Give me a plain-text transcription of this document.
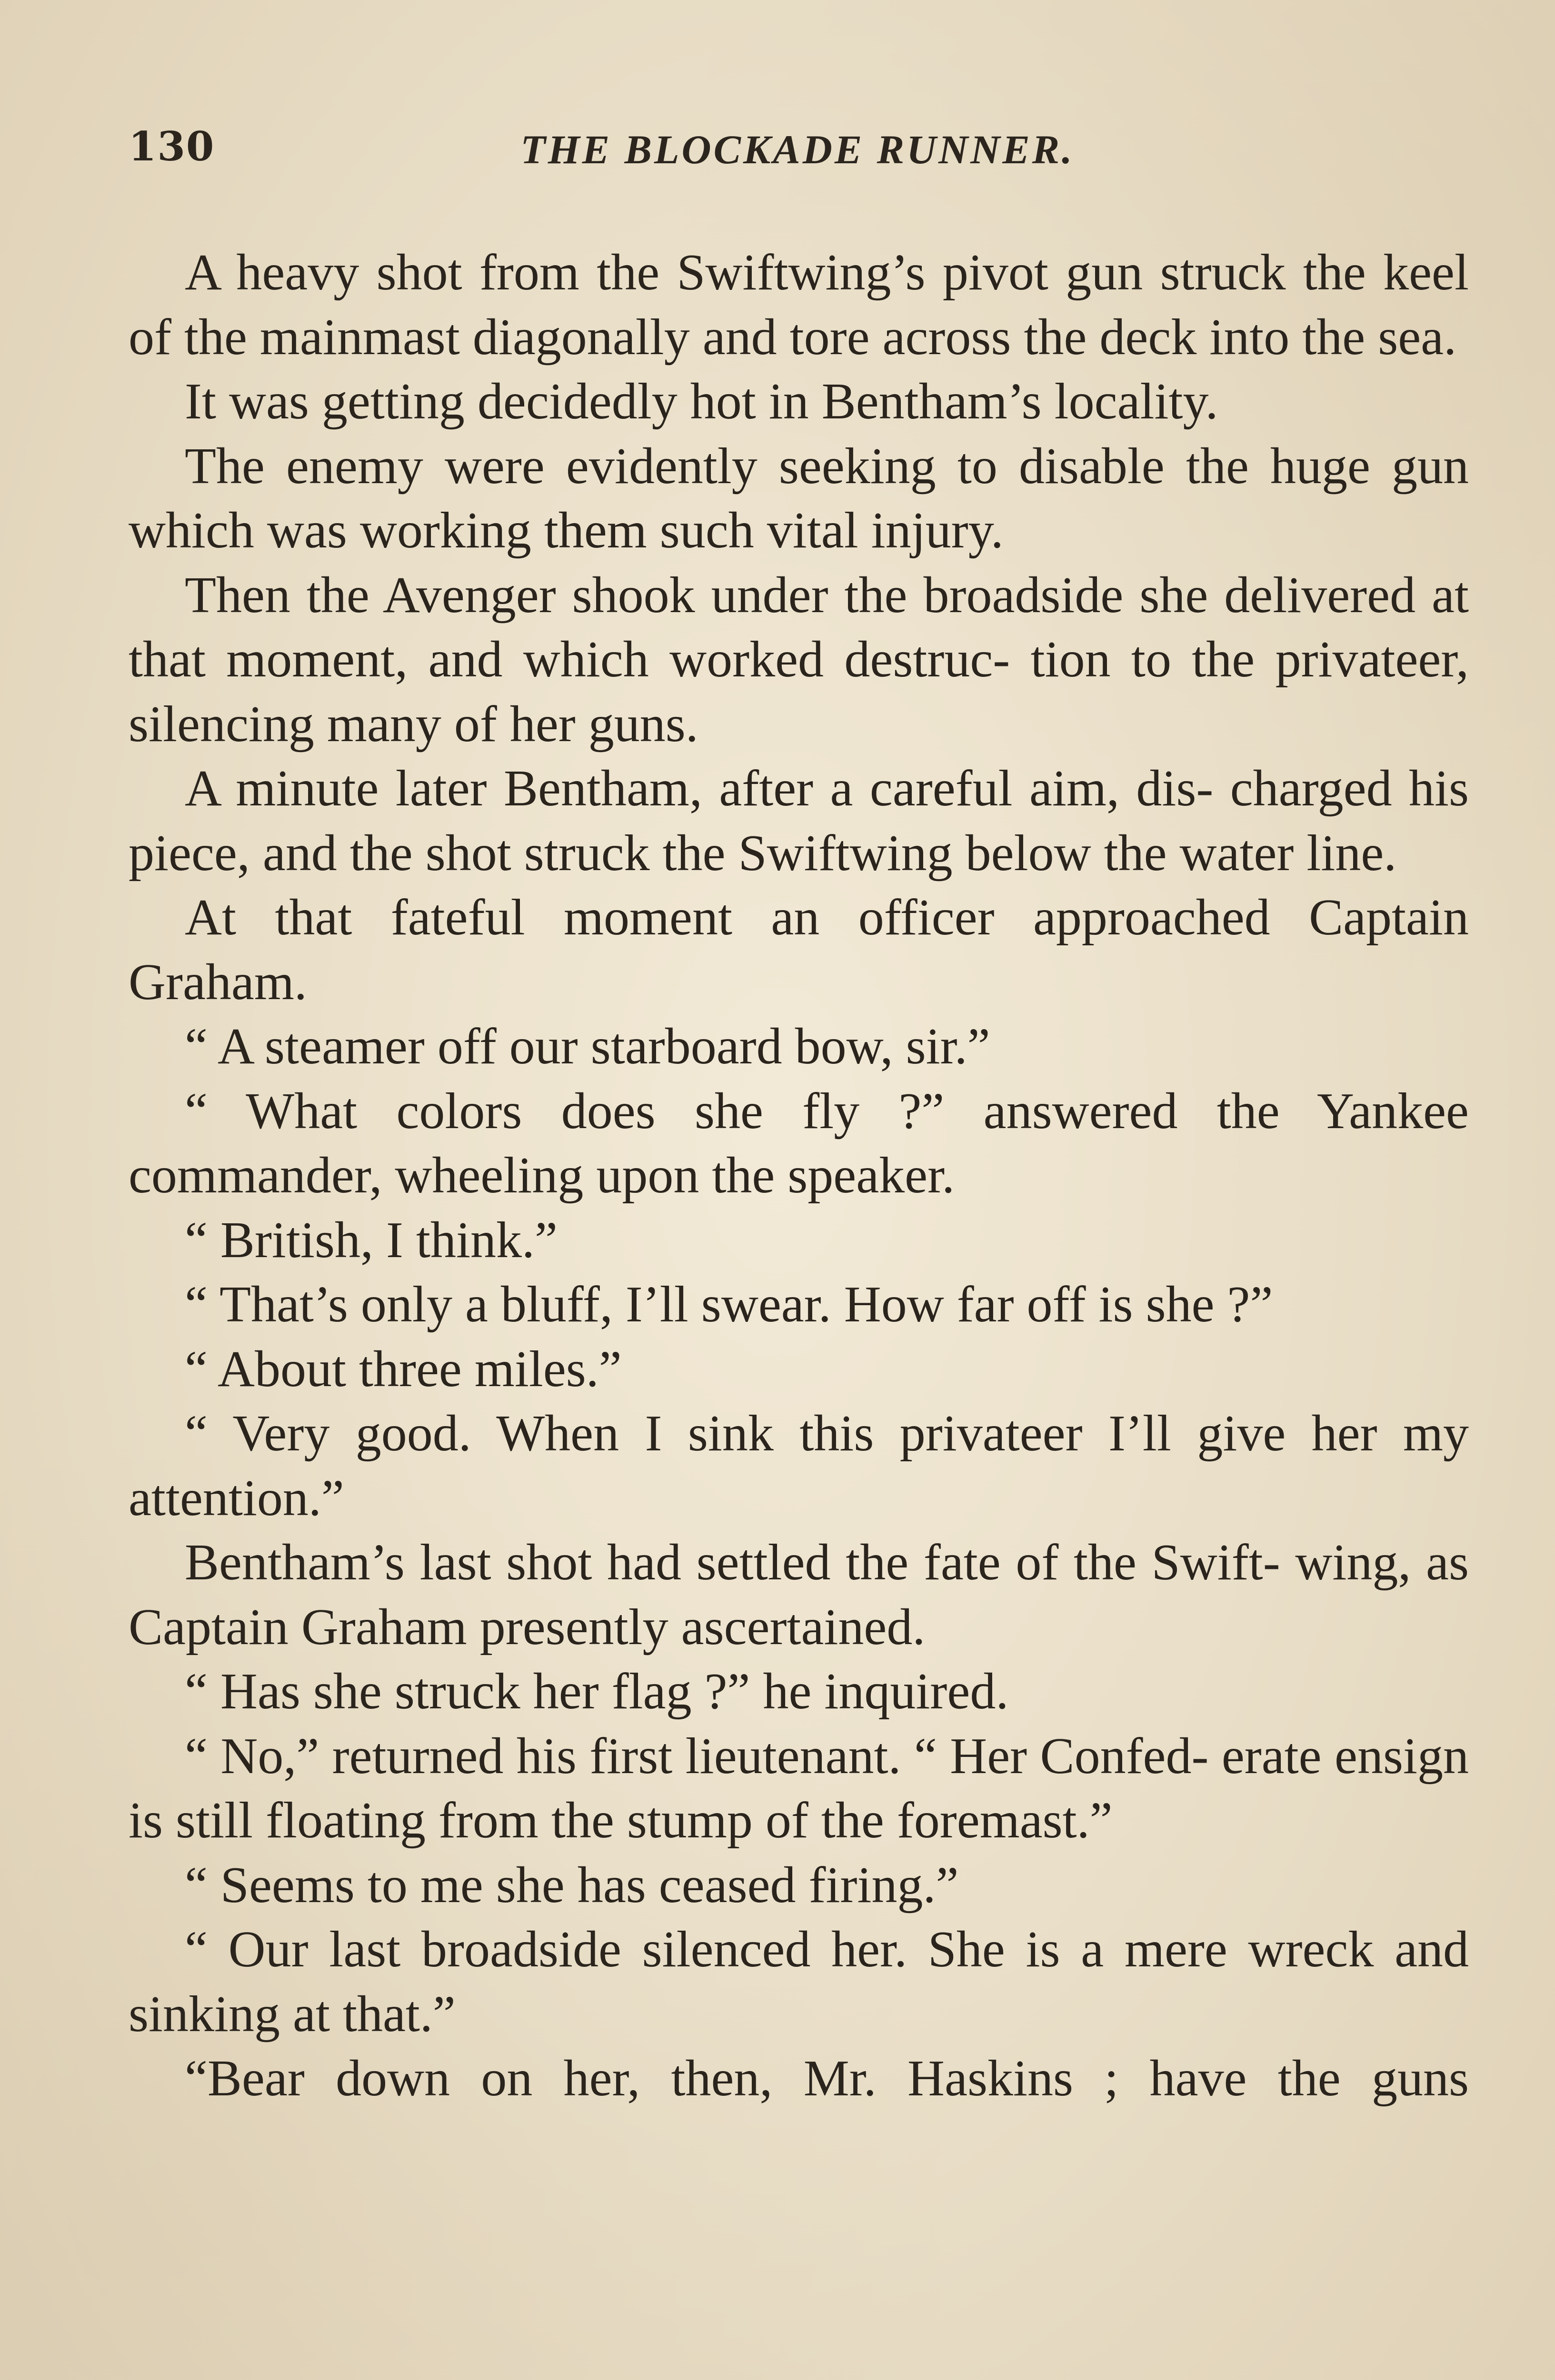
130	THE BLOCKADE RUNNER.

A heavy shot from the Swiftwing’s pivot gun struck the keel of the mainmast diagonally and tore across the deck into the sea.

It was getting decidedly hot in Bentham’s locality.

The enemy were evidently seeking to disable the huge gun which was working them such vital injury.

Then the Avenger shook under the broadside she delivered at that moment, and which worked destruc- tion to the privateer, silencing many of her guns.

A minute later Bentham, after a careful aim, dis- charged his piece, and the shot struck the Swiftwing below the water line.

At that fateful moment an officer approached Captain Graham.

“ A steamer off our starboard bow, sir.”

“ What colors does she fly ?” answered the Yankee commander, wheeling upon the speaker.

“ British, I think.”

“ That’s only a bluff, I’ll swear. How far off is she ?”

“ About three miles.”

“ Very good. When I sink this privateer I’ll give her my attention.”

Bentham’s last shot had settled the fate of the Swift- wing, as Captain Graham presently ascertained.

“ Has she struck her flag ?” he inquired.

“ No,” returned his first lieutenant. “ Her Confed- erate ensign is still floating from the stump of the foremast.”

“ Seems to me she has ceased firing.”

“ Our last broadside silenced her. She is a mere wreck and sinking at that.”

“Bear down on her, then, Mr. Haskins ; have the guns
